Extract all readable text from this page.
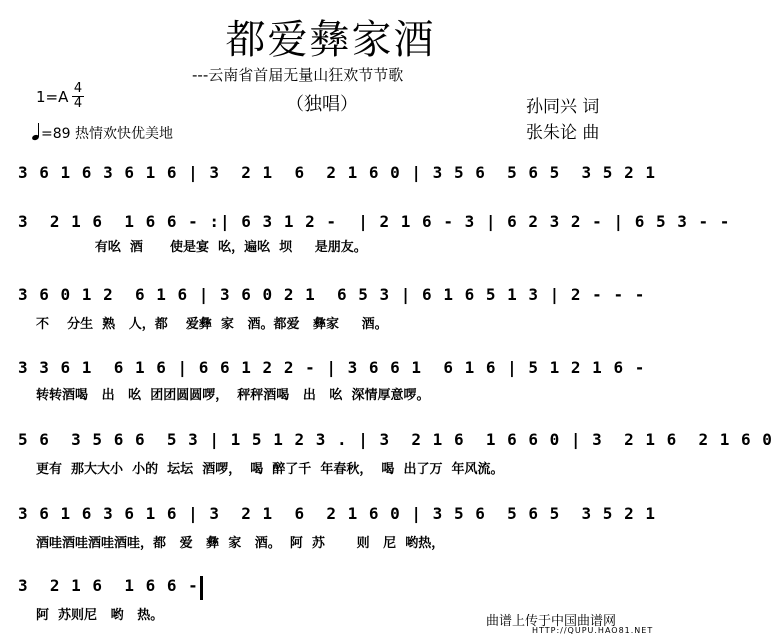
都爱彝家酒
---云南省首届无量山狂欢节节歌
1=A 4
4	（独唱）	孙同兴 词
张朱论 曲
=89 热情欢快优美地
3 6 1 6 3 6 1 6 | 3  2 1  6  2 1 6 0 | 3 5 6  5 6 5  3 5 2 1
3  2 1 6  1 6 6 - :| 6 3 1 2 -  | 2 1 6 - 3 | 6 2 3 2 - | 6 5 3 - -
有吆  酒      使是宴  吆，遍吆  坝     是朋友。
3 6 0 1 2  6 1 6 | 3 6 0 2 1  6 5 3 | 6 1 6 5 1 3 | 2 - - -
不    分生  熟   人，都    爱彝  家   酒。都爱   彝家     酒。
3 3 6 1  6 1 6 | 6 6 1 2 2 - | 3 6 6 1  6 1 6 | 5 1 2 1 6 -
转转酒喝   出   吆  团团圆圆啰，  秤秤酒喝   出   吆  深情厚意啰。
5 6  3 5 6 6  5 3 | 1 5 1 2 3 . | 3  2 1 6  1 6 6 0 | 3  2 1 6  2 1 6 0
更有  那大大小  小的  坛坛  酒啰，  喝  醉了千  年春秋，  喝  出了万  年风流。
3 6 1 6 3 6 1 6 | 3  2 1  6  2 1 6 0 | 3 5 6  5 6 5  3 5 2 1
酒哇酒哇酒哇酒哇，都   爱   彝  家   酒。  阿  苏       则   尼  哟热，
3  2 1 6  1 6 6 -
阿  苏则尼   哟   热。	曲谱上传于中国曲谱网
HTTP://QUPU.HAO81.NET
